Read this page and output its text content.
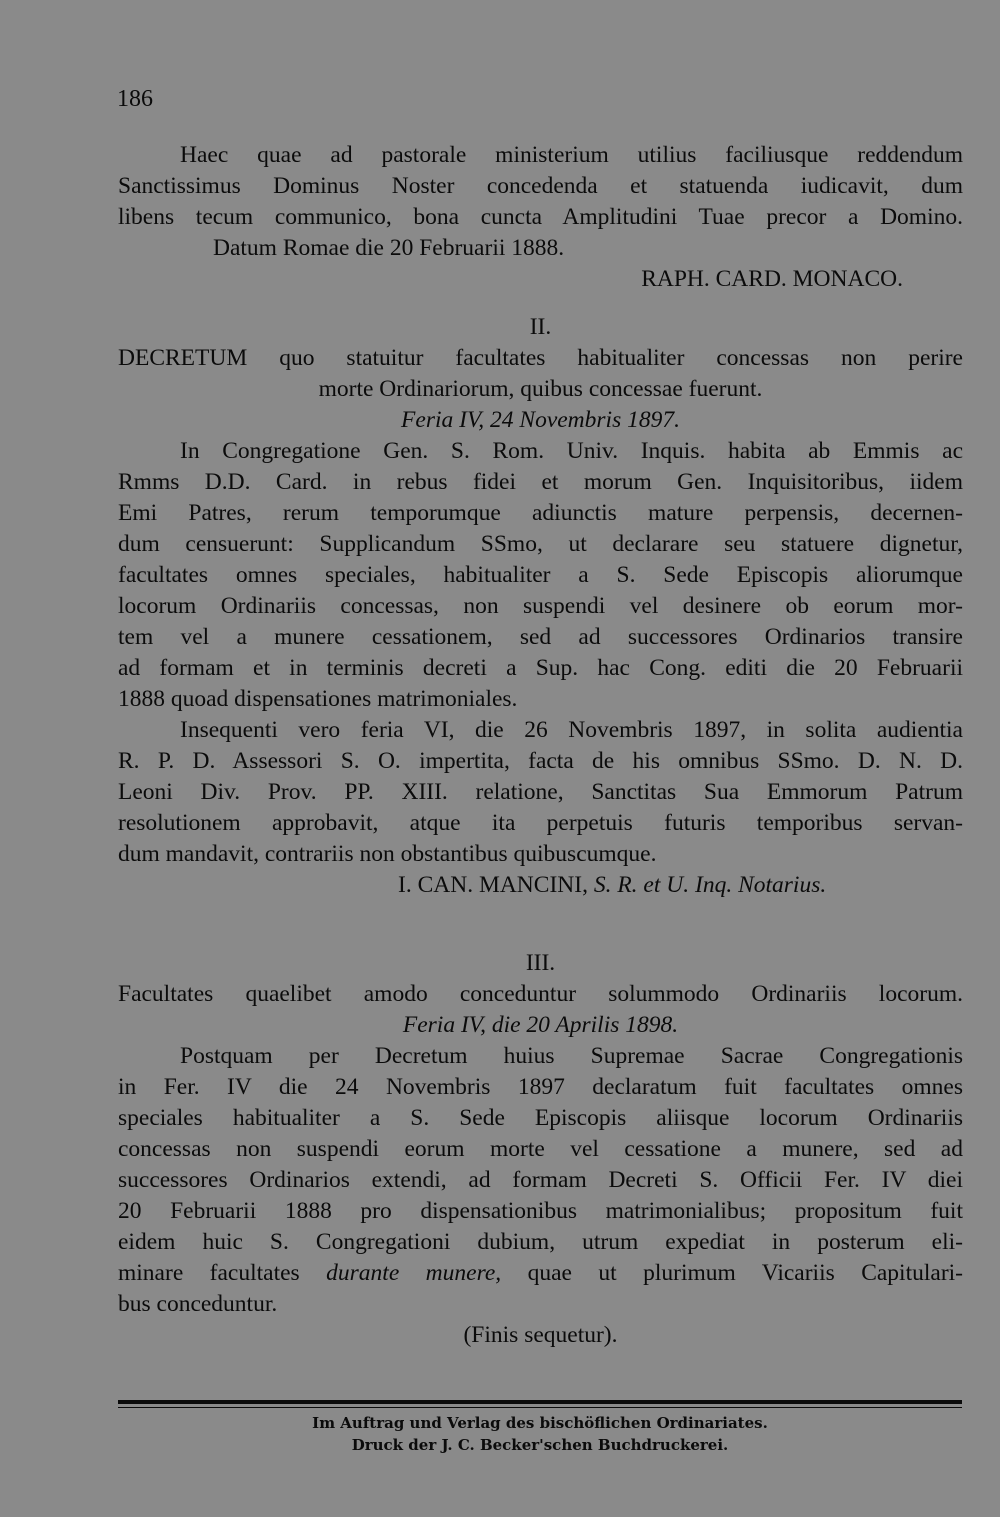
186
Haec quae ad pastorale ministerium utilius faciliusque reddendum
Sanctissimus Dominus Noster concedenda et statuenda iudicavit, dum
libens tecum communico, bona cuncta Amplitudini Tuae precor a Domino.
Datum Romae die 20 Februarii 1888.
RAPH. CARD. MONACO.
II.
DECRETUM quo statuitur facultates habitualiter concessas non perire
morte Ordinariorum, quibus concessae fuerunt.
Feria IV, 24 Novembris 1897.
In Congregatione Gen. S. Rom. Univ. Inquis. habita ab Emmis ac
Rmms D.D. Card. in rebus fidei et morum Gen. Inquisitoribus, iidem
Emi Patres, rerum temporumque adiunctis mature perpensis, decernen-
dum censuerunt: Supplicandum SSmo, ut declarare seu statuere dignetur,
facultates omnes speciales, habitualiter a S. Sede Episcopis aliorumque
locorum Ordinariis concessas, non suspendi vel desinere ob eorum mor-
tem vel a munere cessationem, sed ad successores Ordinarios transire
ad formam et in terminis decreti a Sup. hac Cong. editi die 20 Februarii
1888 quoad dispensationes matrimoniales.
Insequenti vero feria VI, die 26 Novembris 1897, in solita audientia
R. P. D. Assessori S. O. impertita, facta de his omnibus SSmo. D. N. D.
Leoni Div. Prov. PP. XIII. relatione, Sanctitas Sua Emmorum Patrum
resolutionem approbavit, atque ita perpetuis futuris temporibus servan-
dum mandavit, contrariis non obstantibus quibuscumque.
I. CAN. MANCINI, S. R. et U. Inq. Notarius.
III.
Facultates quaelibet amodo conceduntur solummodo Ordinariis locorum.
Feria IV, die 20 Aprilis 1898.
Postquam per Decretum huius Supremae Sacrae Congregationis
in Fer. IV die 24 Novembris 1897 declaratum fuit facultates omnes
speciales habitualiter a S. Sede Episcopis aliisque locorum Ordinariis
concessas non suspendi eorum morte vel cessatione a munere, sed ad
successores Ordinarios extendi, ad formam Decreti S. Officii Fer. IV diei
20 Februarii 1888 pro dispensationibus matrimonialibus; propositum fuit
eidem huic S. Congregationi dubium, utrum expediat in posterum eli-
minare facultates durante munere, quae ut plurimum Vicariis Capitulari-
bus conceduntur.
(Finis sequetur).
Im Auftrag und Verlag des bischöflichen Ordinariates.
Druck der J. C. Becker'schen Buchdruckerei.
